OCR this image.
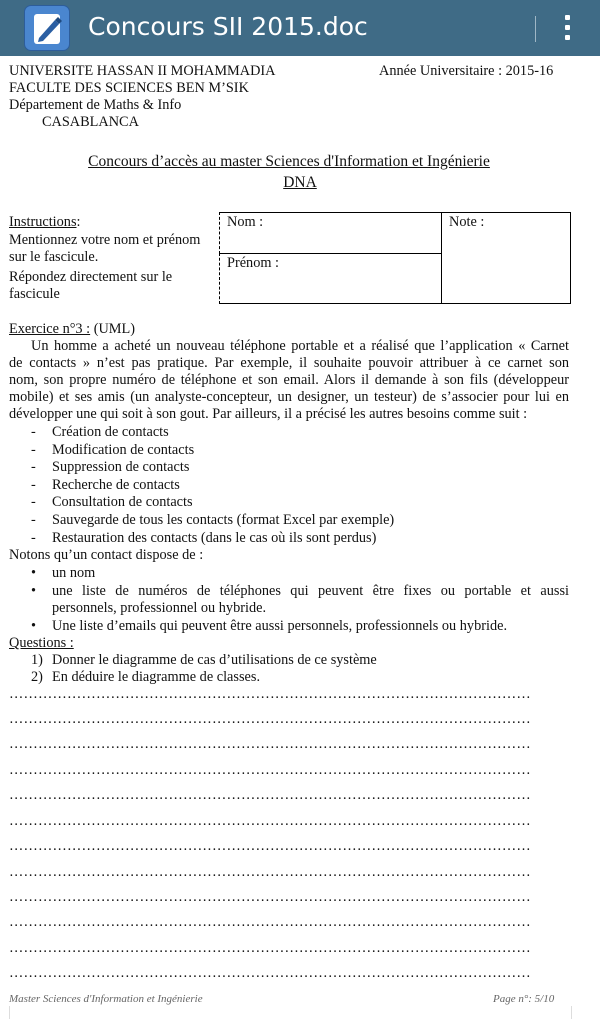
Concours SII 2015.doc
UNIVERSITE HASSAN II MOHAMMADIA	Année Universitaire : 2015-16
FACULTE DES SCIENCES BEN M’SIK
Département de Maths & Info
CASABLANCA
Concours d’accès au master Sciences d'Information et Ingénierie
DNA
Instructions:
Mentionnez votre nom et prénom
sur le fascicule.
Répondez directement sur le
fascicule
Nom :
Prénom :
Note :
Exercice n°3 : (UML)
Un homme a acheté un nouveau téléphone portable et a réalisé que l’application « Carnet
de contacts » n’est pas pratique. Par exemple, il souhaite pouvoir attribuer à ce carnet son
nom, son propre numéro de téléphone et son email. Alors il demande à son fils (développeur
mobile) et ses amis (un analyste-concepteur, un designer, un testeur) de s’associer pour lui en
développer une qui soit à son gout. Par ailleurs, il a précisé les autres besoins comme suit :
- Création de contacts
- Modification de contacts
- Suppression de contacts
- Recherche de contacts
- Consultation de contacts
- Sauvegarde de tous les contacts (format Excel par exemple)
- Restauration des contacts (dans le cas où ils sont perdus)
Notons qu’un contact dispose de :
• un nom
• une liste de numéros de téléphones qui peuvent être fixes ou portable et aussi
personnels, professionnel ou hybride.
• Une liste d’emails qui peuvent être aussi personnels, professionnels ou hybride.
Questions :
1) Donner le diagramme de cas d’utilisations de ce système
2) En déduire le diagramme de classes.
………………………………………………………………………………………………
………………………………………………………………………………………………
………………………………………………………………………………………………
………………………………………………………………………………………………
………………………………………………………………………………………………
………………………………………………………………………………………………
………………………………………………………………………………………………
………………………………………………………………………………………………
………………………………………………………………………………………………
………………………………………………………………………………………………
………………………………………………………………………………………………
………………………………………………………………………………………………
Master Sciences d'Information et Ingénierie	Page n°: 5/10
